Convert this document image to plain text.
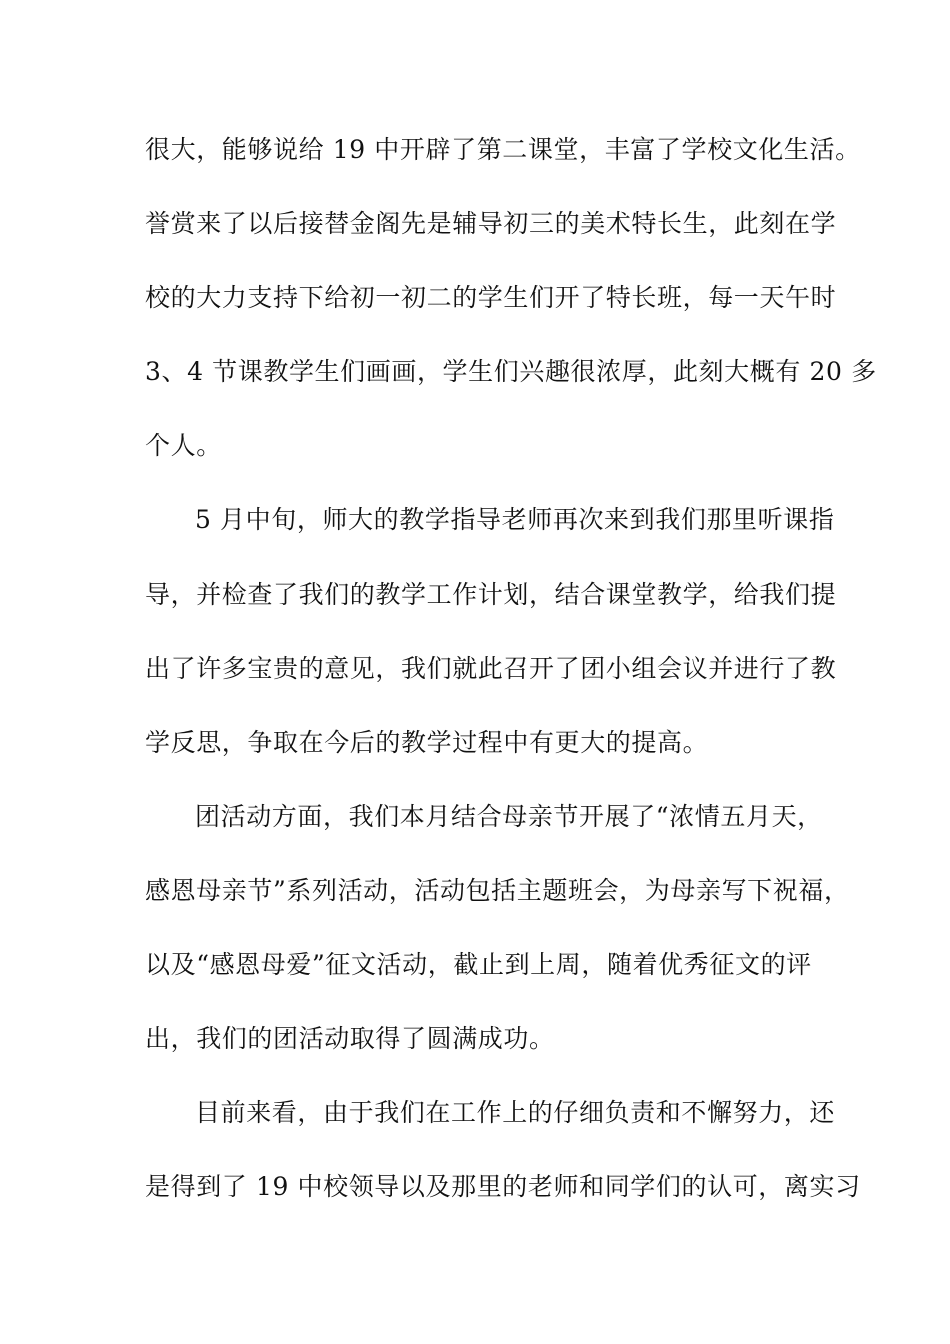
很大，能够说给 19 中开辟了第二课堂，丰富了学校文化生活。
誉赏来了以后接替金阁先是辅导初三的美术特长生，此刻在学
校的大力支持下给初一初二的学生们开了特长班，每一天午时
3、4 节课教学生们画画，学生们兴趣很浓厚，此刻大概有 20 多
个人。
5 月中旬，师大的教学指导老师再次来到我们那里听课指
导，并检查了我们的教学工作计划，结合课堂教学，给我们提
出了许多宝贵的意见，我们就此召开了团小组会议并进行了教
学反思，争取在今后的教学过程中有更大的提高。
团活动方面，我们本月结合母亲节开展了“浓情五月天，
感恩母亲节”系列活动，活动包括主题班会，为母亲写下祝福，
以及“感恩母爱”征文活动，截止到上周，随着优秀征文的评
出，我们的团活动取得了圆满成功。
目前来看，由于我们在工作上的仔细负责和不懈努力，还
是得到了 19 中校领导以及那里的老师和同学们的认可，离实习
